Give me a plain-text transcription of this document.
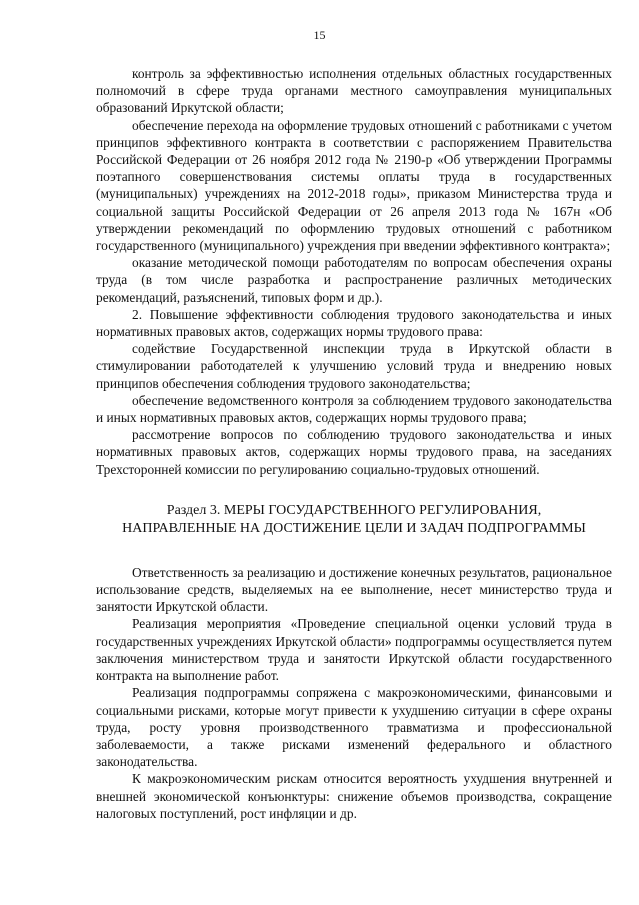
15

контроль за эффективностью исполнения отдельных областных государственных полномочий в сфере труда органами местного самоуправления муниципальных образований Иркутской области;

обеспечение перехода на оформление трудовых отношений с работниками с учетом принципов эффективного контракта в соответствии с распоряжением Правительства Российской Федерации от 26 ноября 2012 года № 2190-р «Об утверждении Программы поэтапного совершенствования системы оплаты труда в государственных (муниципальных) учреждениях на 2012-2018 годы», приказом Министерства труда и социальной защиты Российской Федерации от 26 апреля 2013 года № 167н «Об утверждении рекомендаций по оформлению трудовых отношений с работником государственного (муниципального) учреждения при введении эффективного контракта»;

оказание методической помощи работодателям по вопросам обеспечения охраны труда (в том числе разработка и распространение различных методических рекомендаций, разъяснений, типовых форм и др.).

2. Повышение эффективности соблюдения трудового законодательства и иных нормативных правовых актов, содержащих нормы трудового права:

содействие Государственной инспекции труда в Иркутской области в стимулировании работодателей к улучшению условий труда и внедрению новых принципов обеспечения соблюдения трудового законодательства;

обеспечение ведомственного контроля за соблюдением трудового законодательства и иных нормативных правовых актов, содержащих нормы трудового права;

рассмотрение вопросов по соблюдению трудового законодательства и иных нормативных правовых актов, содержащих нормы трудового права, на заседаниях Трехсторонней комиссии по регулированию социально-трудовых отношений.

Раздел 3. МЕРЫ ГОСУДАРСТВЕННОГО РЕГУЛИРОВАНИЯ,
НАПРАВЛЕННЫЕ НА ДОСТИЖЕНИЕ ЦЕЛИ И ЗАДАЧ ПОДПРОГРАММЫ

Ответственность за реализацию и достижение конечных результатов, рациональное использование средств, выделяемых на ее выполнение, несет министерство труда и занятости Иркутской области.

Реализация мероприятия «Проведение специальной оценки условий труда в государственных учреждениях Иркутской области» подпрограммы осуществляется путем заключения министерством труда и занятости Иркутской области государственного контракта на выполнение работ.

Реализация подпрограммы сопряжена с макроэкономическими, финансовыми и социальными рисками, которые могут привести к ухудшению ситуации в сфере охраны труда, росту уровня производственного травматизма и профессиональной заболеваемости, а также рисками изменений федерального и областного законодательства.

К макроэкономическим рискам относится вероятность ухудшения внутренней и внешней экономической конъюнктуры: снижение объемов производства, сокращение налоговых поступлений, рост инфляции и др.
